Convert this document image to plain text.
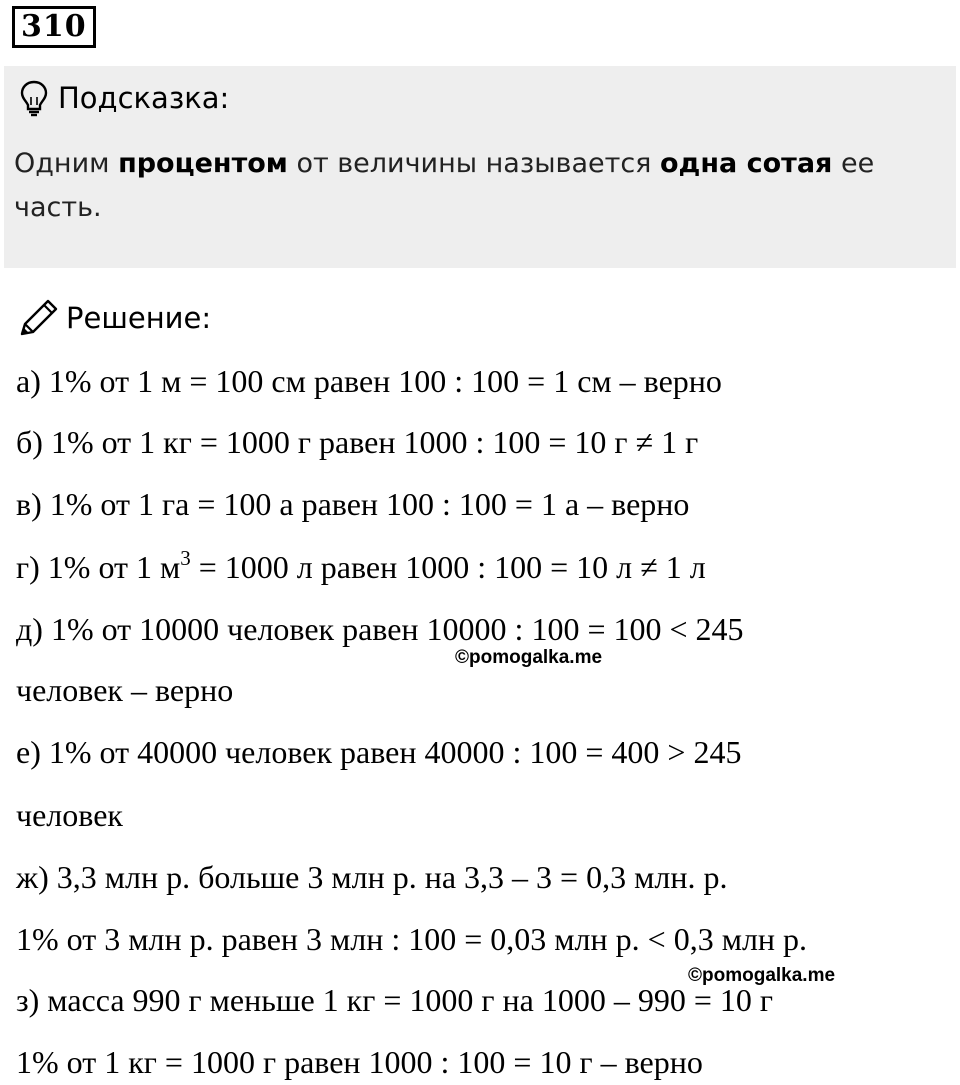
310
Подсказка:
Одним процентом от величины называется одна сотая ее часть.
Решение:
а) 1% от 1 м = 100 см равен 100 : 100 = 1 см – верно
б) 1% от 1 кг = 1000 г равен 1000 : 100 = 10 г ≠ 1 г
в) 1% от 1 га = 100 а равен 100 : 100 = 1 а – верно
г) 1% от 1 $м^3 = 1000$ л равен 1000 : 100 = 10 л ≠ 1 л
д) 1% от 10000 человек равен 10000 : 100 = 100 < 245
©pomogalka.me
человек – верно
е) 1% от 40000 человек равен 40000 : 100 = 400 > 245
человек
ж) 3,3 млн р. больше 3 млн р. на 3,3 – 3 = 0,3 млн. р.
1% от 3 млн р. равен 3 млн : 100 = 0,03 млн р. < 0,3 млн р.
©pomogalka.me
з) масса 990 г меньше 1 кг = 1000 г на 1000 – 990 = 10 г
1% от 1 кг = 1000 г равен 1000 : 100 = 10 г – верно
